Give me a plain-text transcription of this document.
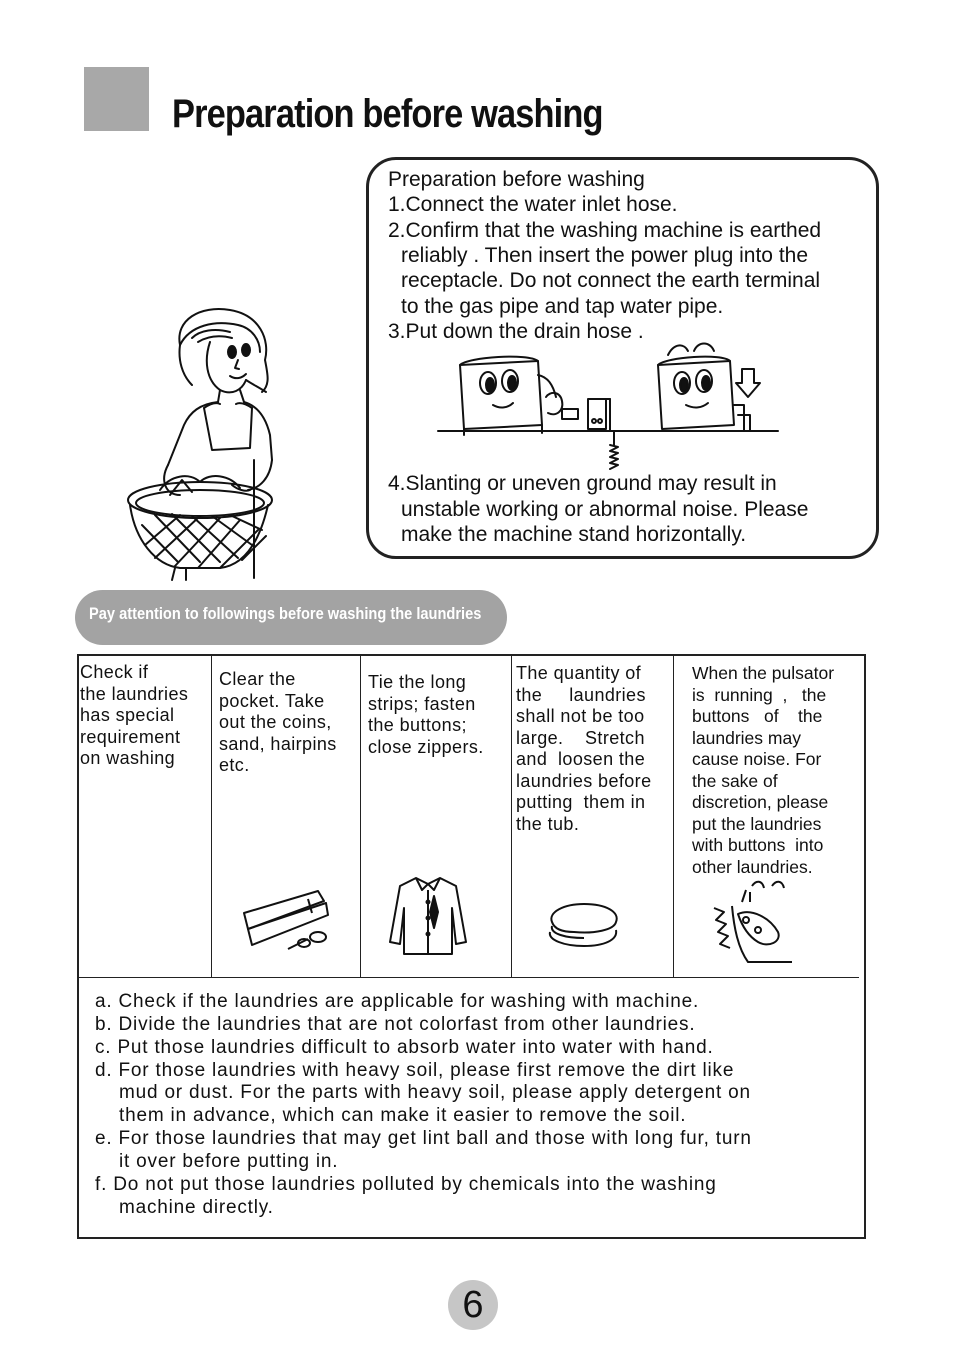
Preparation before washing
Preparation before washing
1.Connect the water inlet hose.
2.Confirm that the washing machine is earthed
reliably . Then insert the power plug into the
receptacle. Do not connect the earth terminal
to the gas pipe and tap water pipe.
3.Put down the drain hose .
4.Slanting or uneven ground may result in
unstable working or abnormal noise. Please
make the machine stand horizontally.
Pay attention to followings before washing the laundries
Check if
the laundries
has special
requirement
on washing
Clear the
pocket. Take
out the coins,
sand, hairpins
etc.
Tie the long
strips; fasten
the buttons;
close zippers.
The quantity of
the     laundries
shall not be too
large.    Stretch
and  loosen the
laundries before
putting  them in
the tub.
When the pulsator
is  running  ,   the
buttons   of    the
laundries may
cause noise. For
the sake of
discretion, please
put the laundries
with buttons  into
other laundries.
a. Check if the laundries are applicable for washing with machine.
b. Divide the laundries that are not colorfast from other laundries.
c. Put those laundries difficult to absorb water into water with hand.
d. For those laundries with heavy soil, please first remove the dirt like
mud or dust. For the parts with heavy soil, please apply detergent on
them in advance, which can make it easier to remove the soil.
e. For those laundries that may get lint ball and those with long fur, turn
it over before putting in.
f. Do not put those laundries polluted by chemicals into the washing
machine directly.
6
